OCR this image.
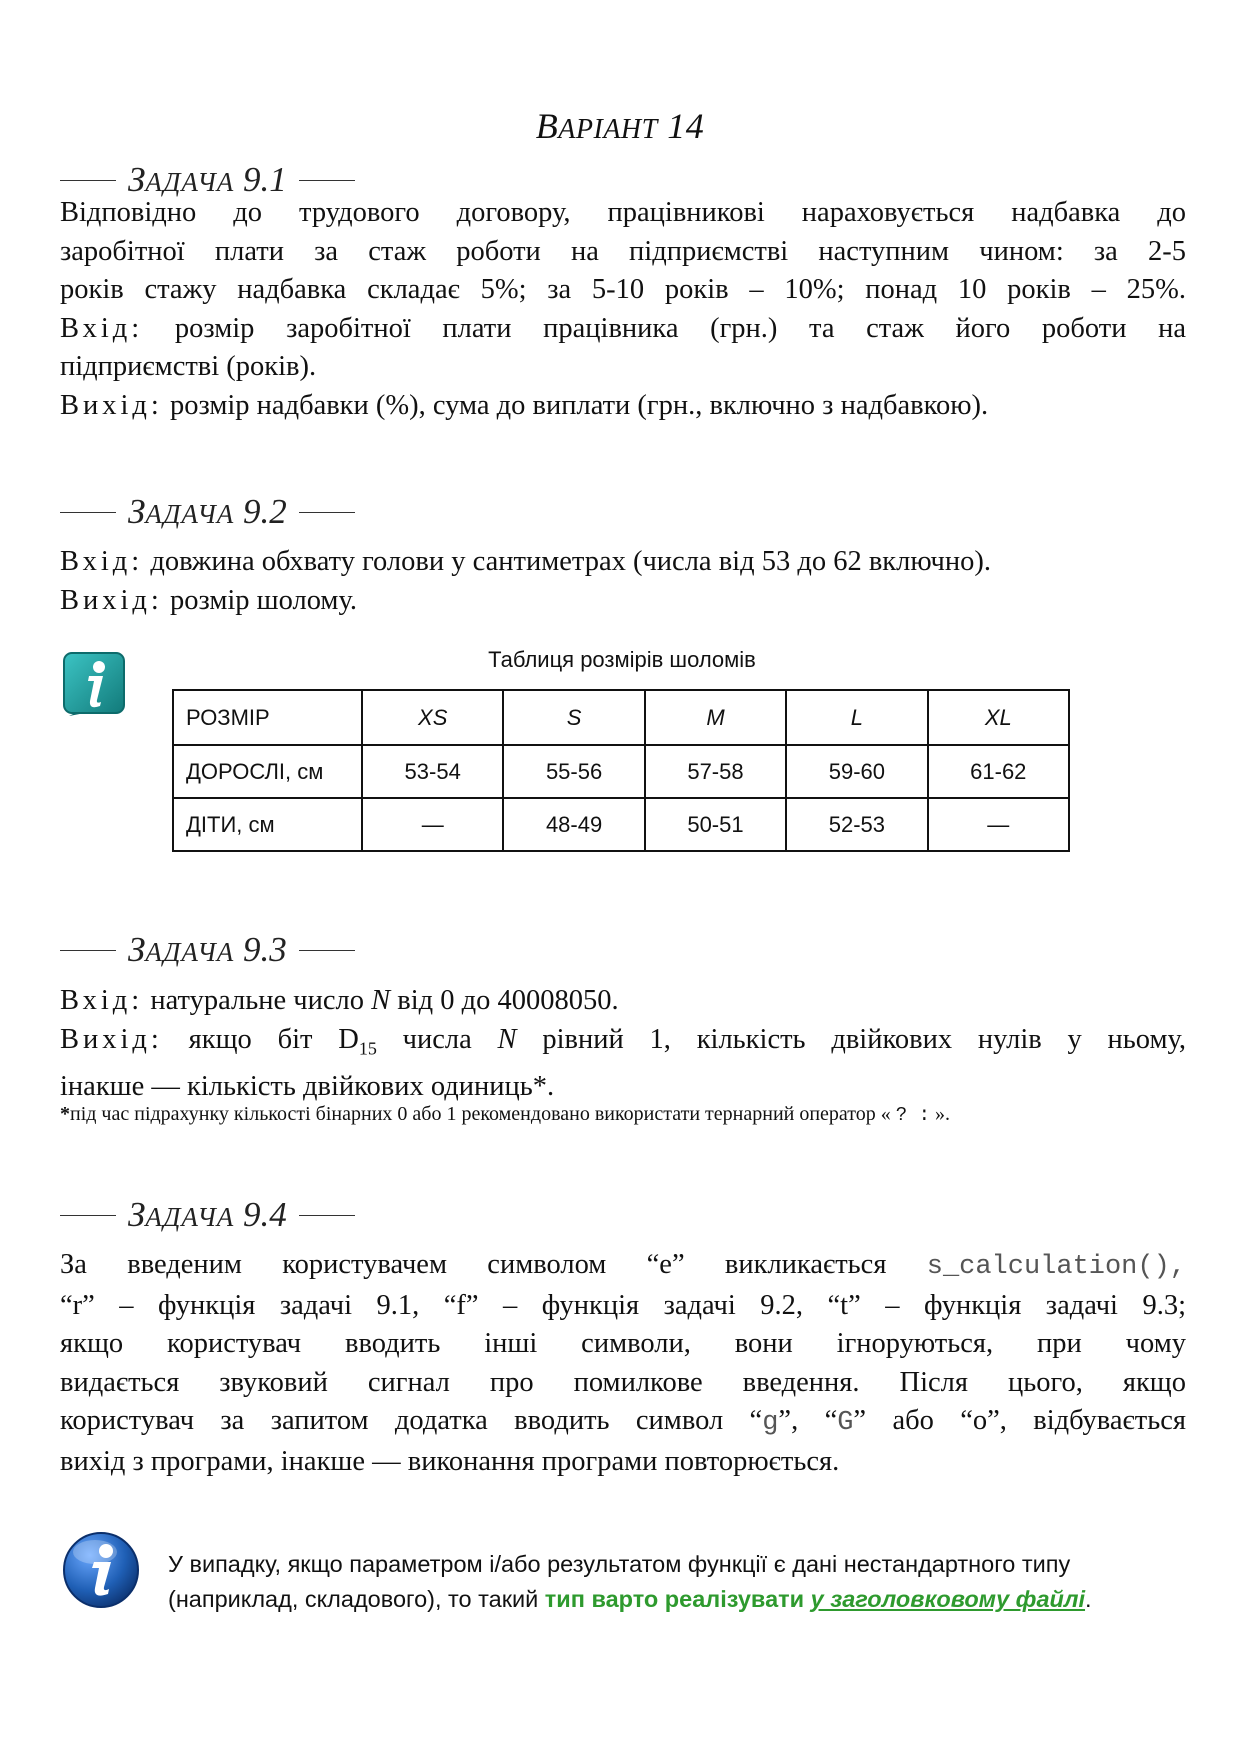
ВАРІАНТ 14
ЗАДАЧА 9.1
Відповідно до трудового договору, працівникові нараховується надбавка до
заробітної плати за стаж роботи на підприємстві наступним чином: за 2-5
років стажу надбавка складає 5%; за 5-10 років – 10%; понад 10 років – 25%.
Вхід: розмір заробітної плати працівника (грн.) та стаж його роботи на
підприємстві (років).
Вихід: розмір надбавки (%), сума до виплати (грн., включно з надбавкою).
ЗАДАЧА 9.2
Вхід: довжина обхвату голови у сантиметрах (числа від 53 до 62 включно).
Вихід: розмір шолому.
Таблиця розмірів шоломів
РОЗМІР	XS	S	M	L	XL
ДОРОСЛІ, см	53-54	55-56	57-58	59-60	61-62
ДІТИ, см	—	48-49	50-51	52-53	—
ЗАДАЧА 9.3
Вхід: натуральне число N від 0 до 40008050.
Вихід: якщо біт $D_{15}$ числа N рівний 1, кількість двійкових нулів у ньому,
інакше — кількість двійкових одиниць*.
*під час підрахунку кількості бінарних 0 або 1 рекомендовано використати тернарний оператор « ? : ».
ЗАДАЧА 9.4
За введеним користувачем символом “e” викликається s_calculation(),
“r” – функція задачі 9.1, “f” – функція задачі 9.2, “t” – функція задачі 9.3;
якщо користувач вводить інші символи, вони ігноруються, при чому
видається звуковий сигнал про помилкове введення. Після цього, якщо
користувач за запитом додатка вводить символ “g”, “G” або “o”, відбувається
вихід з програми, інакше — виконання програми повторюється.
У випадку, якщо параметром і/або результатом функції є дані нестандартного типу (наприклад, складового), то такий тип варто реалізувати у заголовковому файлі.
